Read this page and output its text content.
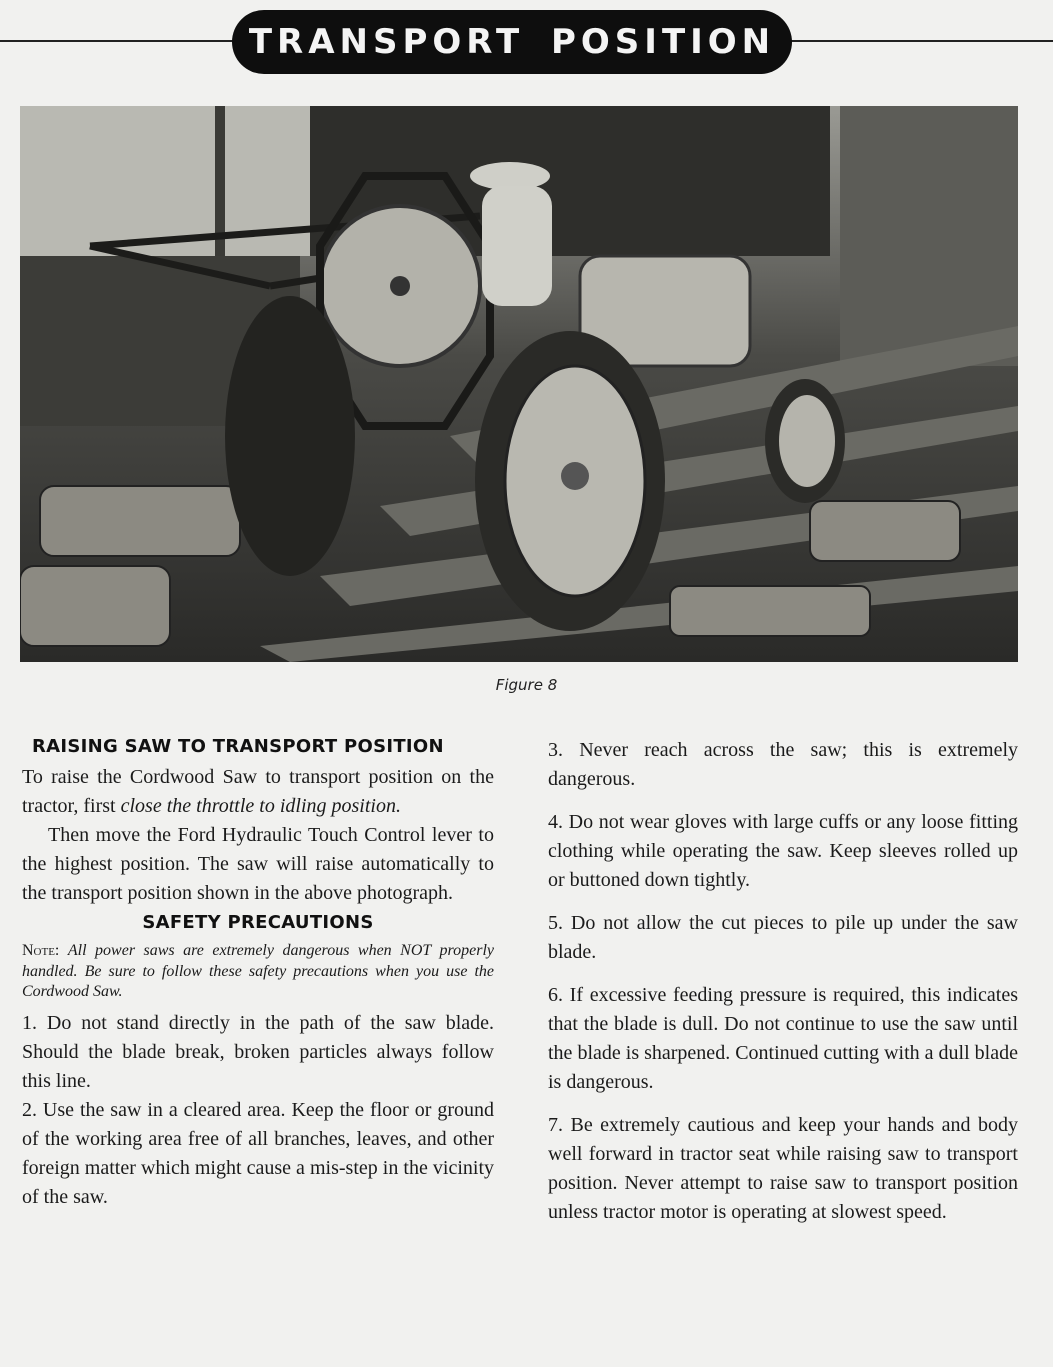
TRANSPORT POSITION
Figure 8
RAISING SAW TO TRANSPORT POSITION

To raise the Cordwood Saw to transport position on the tractor, first close the throttle to idling position.

Then move the Ford Hydraulic Touch Control lever to the highest position. The saw will raise automatically to the transport position shown in the above photograph.

SAFETY PRECAUTIONS

Note: All power saws are extremely dangerous when NOT properly handled. Be sure to follow these safety precautions when you use the Cordwood Saw.

1. Do not stand directly in the path of the saw blade. Should the blade break, broken particles always follow this line.

2. Use the saw in a cleared area. Keep the floor or ground of the working area free of all branches, leaves, and other foreign matter which might cause a mis-step in the vicinity of the saw.

3. Never reach across the saw; this is extremely dangerous.

4. Do not wear gloves with large cuffs or any loose fitting clothing while operating the saw. Keep sleeves rolled up or buttoned down tightly.

5. Do not allow the cut pieces to pile up under the saw blade.

6. If excessive feeding pressure is required, this indicates that the blade is dull. Do not continue to use the saw until the blade is sharpened. Continued cutting with a dull blade is dangerous.

7. Be extremely cautious and keep your hands and body well forward in tractor seat while raising saw to transport position. Never attempt to raise saw to transport position unless tractor motor is operating at slowest speed.
